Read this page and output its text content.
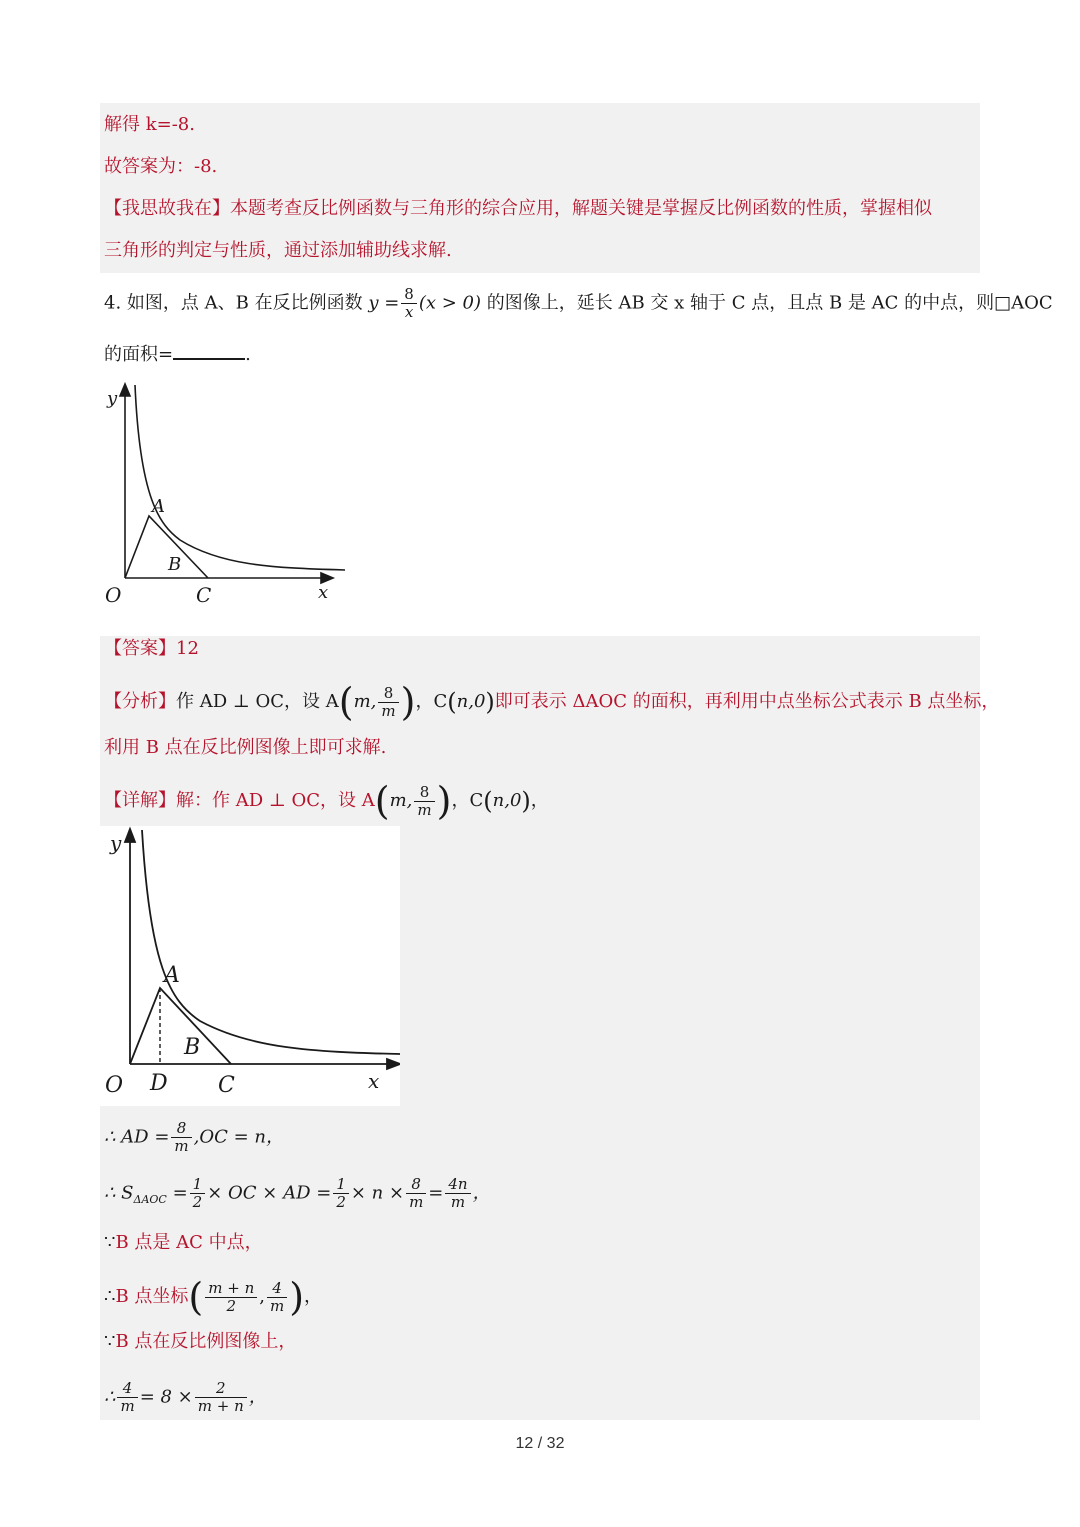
解得 k=-8.
故答案为：-8.
【我思故我在】本题考查反比例函数与三角形的综合应用，解题关键是掌握反比例函数的性质，掌握相似
三角形的判定与性质，通过添加辅助线求解.
4. 如图，点 A、B 在反比例函数 $y = \frac{8}{x} (x > 0)$ 的图像上，延长 AB 交 x 轴于 C 点，且点 B 是 AC 的中点，则□AOC
的面积=	.
y
x
O
A
B
C
【答案】12
【分析】作 AD ⊥ OC，设 A(m, $\frac{8}{m}$ )，C(n,0)即可表示 ΔAOC 的面积，再利用中点坐标公式表示 B 点坐标，
利用 B 点在反比例图像上即可求解.
【详解】解：作 AD ⊥ OC，设 A(m, $\frac{8}{m}$ )，C(n,0)，
y
x
O
A
B
D C
∴ AD = $\frac{8}{m} ,OC = n$，
∴ $S_{\Delta AOC} = \frac{1}{2}$ × OC × AD = $\frac{1}{2} \times n \times \frac{8}{m} = \frac{4n}{m}$ ，
∵B 点是 AC 中点，
∴B 点坐标( $\frac{m + n}{2}$ , $\frac{4}{m}$ )，
∵B 点在反比例图像上，
∴ $\frac{4}{m} = 8 \times \frac{2}{m + n}$ ，
12 / 32
